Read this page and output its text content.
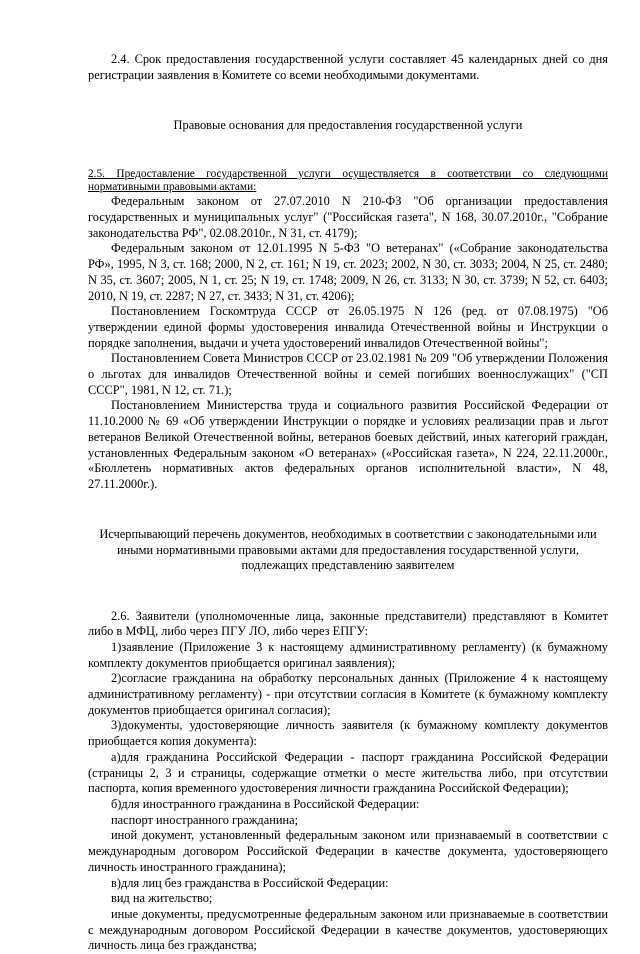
2.4. Срок предоставления государственной услуги составляет 45 календарных дней со дня регистрации заявления в Комитете со всеми необходимыми документами.

Правовые основания для предоставления государственной услуги

2.5. Предоставление государственной услуги осуществляется в соответствии со следующими нормативными правовыми актами:

Федеральным законом от 27.07.2010 N 210-ФЗ "Об организации предоставления государственных и муниципальных услуг" ("Российская газета", N 168, 30.07.2010г., "Собрание законодательства РФ", 02.08.2010г., N 31, ст. 4179);

Федеральным законом от 12.01.1995 N 5-ФЗ "О ветеранах" («Собрание законодательства РФ», 1995, N 3, ст. 168; 2000, N 2, ст. 161; N 19, ст. 2023; 2002, N 30, ст. 3033; 2004, N 25, ст. 2480; N 35, ст. 3607; 2005, N 1, ст. 25; N 19, ст. 1748; 2009, N 26, ст. 3133; N 30, ст. 3739; N 52, ст. 6403; 2010, N 19, ст. 2287; N 27, ст. 3433; N 31, ст. 4206);

Постановлением Госкомтруда СССР от 26.05.1975 N 126 (ред. от 07.08.1975) "Об утверждении единой формы удостоверения инвалида Отечественной войны и Инструкции о порядке заполнения, выдачи и учета удостоверений инвалидов Отечественной войны";

Постановлением Совета Министров СССР от 23.02.1981 № 209 "Об утверждении Положения о льготах для инвалидов Отечественной войны и семей погибших военнослужащих" ("СП СССР", 1981, N 12, ст. 71.);

Постановлением Министерства труда и социального развития Российской Федерации от 11.10.2000 № 69 «Об утверждении Инструкции о порядке и условиях реализации прав и льгот ветеранов Великой Отечественной войны, ветеранов боевых действий, иных категорий граждан, установленных Федеральным законом «О ветеранах» («Российская газета», N 224, 22.11.2000г., «Бюллетень нормативных актов федеральных органов исполнительной власти», N 48, 27.11.2000г.).

Исчерпывающий перечень документов, необходимых в соответствии с законодательными или иными нормативными правовыми актами для предоставления государственной услуги, подлежащих представлению заявителем

2.6. Заявители (уполномоченные лица, законные представители) представляют в Комитет либо в МФЦ, либо через ПГУ ЛО, либо через ЕПГУ:

1)заявление (Приложение 3 к настоящему административному регламенту) (к бумажному комплекту документов приобщается оригинал заявления);

2)согласие гражданина на обработку персональных данных (Приложение 4 к настоящему административному регламенту) - при отсутствии согласия в Комитете (к бумажному комплекту документов приобщается оригинал согласия);

3)документы, удостоверяющие личность заявителя (к бумажному комплекту документов приобщается копия документа):

а)для гражданина Российской Федерации - паспорт гражданина Российской Федерации (страницы 2, 3 и страницы, содержащие отметки о месте жительства либо, при отсутствии паспорта, копия временного удостоверения личности гражданина Российской Федерации);

б)для иностранного гражданина в Российской Федерации:

паспорт иностранного гражданина;

иной документ, установленный федеральным законом или признаваемый в соответствии с международным договором Российской Федерации в качестве документа, удостоверяющего личность иностранного гражданина);

в)для лиц без гражданства в Российской Федерации:

вид на жительство;

иные документы, предусмотренные федеральным законом или признаваемые в соответствии с международным договором Российской Федерации в качестве документов, удостоверяющих личность лица без гражданства;
